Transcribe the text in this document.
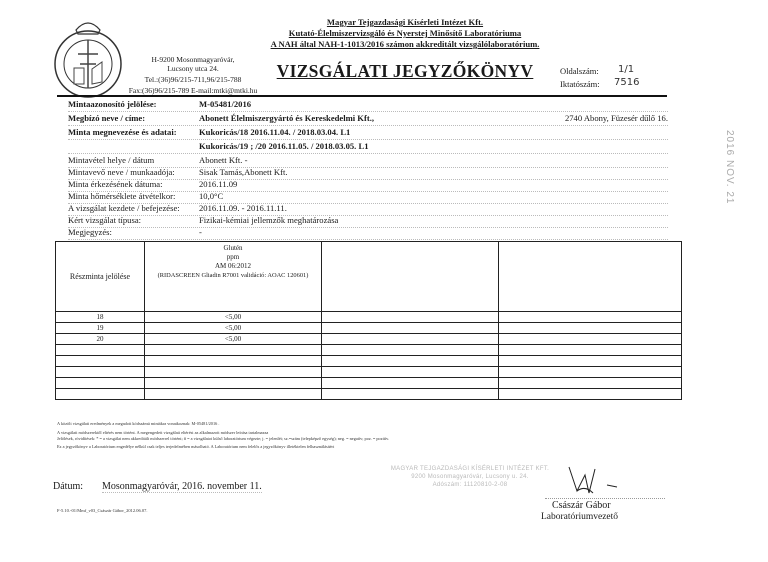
H-9200 Mosonmagyaróvár,
Lucsony utca 24.
Tel.:(36)96/215-711,96/215-788
Fax:(36)96/215-789 E-mail:mtki@mtki.hu
Magyar Tejgazdasági Kísérleti Intézet Kft.
Kutató-Élelmiszervizsgáló és Nyerstej Minősítő Laboratóriuma
A NAH által NAH-1-1013/2016 számon akkreditált vizsgálólaboratórium.
VIZSGÁLATI JEGYZŐKÖNYV	Oldalszám: 1/1
Iktatószám: 7516
Mintaazonosító jelölése:	M-05481/2016
Megbízó neve / címe:	Abonett Élelmiszergyártó és Kereskedelmi Kft.,	2740 Abony, Füzesér dűlő 16.
Minta megnevezése és adatai:	Kukoricás/18 2016.11.04. / 2018.03.04. L1
Kukoricás/19 ; /20 2016.11.05. / 2018.03.05. L1
Mintavétel helye / dátum	Abonett Kft. -
Mintavevő neve / munkaadója:	Sisak Tamás,Abonett Kft.
Minta érkezésének dátuma:	2016.11.09
Minta hőmérséklete átvételkor:	10,0°C
A vizsgálat kezdete / befejezése: 2016.11.09. - 2016.11.11.
Kért vizsgálat típusa:	Fizikai-kémiai jellemzők meghatározása
Megjegyzés:	-
Részminta jelölése	Glutén
ppm
AM 06:2012
(RIDASCREEN Gliadin R7001 validáció: AOAC 120601)		

18	<5,00		
19	<5,00		
20	<5,00		

A közölt vizsgálati eredmények a megadott kódszámú mintákra vonatkoznak: M-05481/2016 .
A vizsgálati módszerektől eltérés nem történt. A megengedett vizsgálati eltérést az alkalmazott módszer leírása tartalmazza
Jelölések, rövidítések: * = a vizsgálat nem akkreditált módszerrel történt; # = a vizsgálatot külső laboratórium végezte; j. = jelenlét; sz.=szám (telepképző egység); neg. = negatív; poz. = pozitív.
Ez a jegyzőkönyv a Laboratórium engedélye nélkül csak teljes terjedelmében másolható. A Laboratórium nem felelős a jegyzőkönyv illetéktelen felhasználásáért
MAGYAR TEJGAZDASÁGI KÍSÉRLETI INTÉZET KFT.
9200 Mosonmagyaróvár, Lucsony u. 24.
Adószám: 11120810-2-08
Dátum: Mosonmagyaróvár, 2016. november 11.
Császár Gábor
Laboratóriumvezető
F-5.10.-01/Mmf_v03_Császár Gábor_2012.06.07.
2016 NOV. 21
